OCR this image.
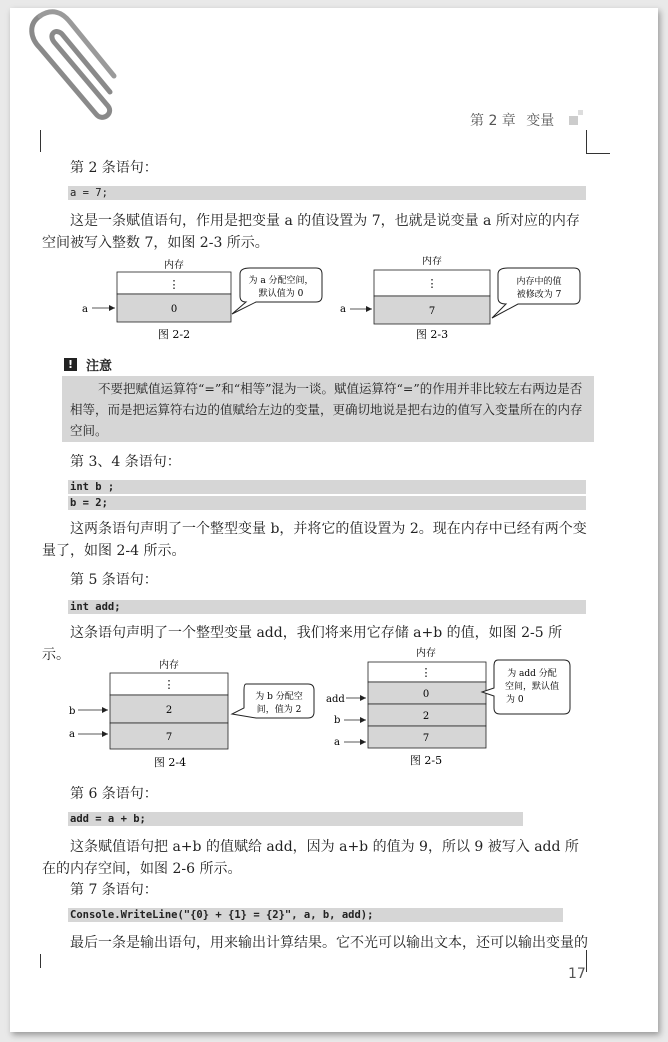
第 2 章 变量
第 2 条语句：
a = 7;
这是一条赋值语句，作用是把变量 a 的值设置为 7，也就是说变量 a 所对应的内存空间被写入整数 7，如图 2-3 所示。
内存
⋮
0
a
为 a 分配空间，
默认值为 0
图 2-2
内存
⋮
7
a
内存中的值
被修改为 7
图 2-3
! 注意
不要把赋值运算符“=”和“相等”混为一谈。赋值运算符“=”的作用并非比较左右两边是否相等，而是把运算符右边的值赋给左边的变量，更确切地说是把右边的值写入变量所在的内存空间。
第 3、4 条语句：
int b ;
b = 2;
这两条语句声明了一个整型变量 b，并将它的值设置为 2。现在内存中已经有两个变量了，如图 2-4 所示。
第 5 条语句：
int add;
这条语句声明了一个整型变量 add，我们将来用它存储 a+b 的值，如图 2-5 所示。
内存
⋮
2
7
b
a
为 b 分配空
间，值为 2
图 2-4
内存
⋮
0
2
7
add
b
a
为 add 分配
空间，默认值
为 0
图 2-5
第 6 条语句：
add = a + b;
这条赋值语句把 a+b 的值赋给 add，因为 a+b 的值为 9，所以 9 被写入 add 所在的内存空间，如图 2-6 所示。
第 7 条语句：
Console.WriteLine("{0} + {1} = {2}", a, b, add);
最后一条是输出语句，用来输出计算结果。它不光可以输出文本，还可以输出变量的
17
